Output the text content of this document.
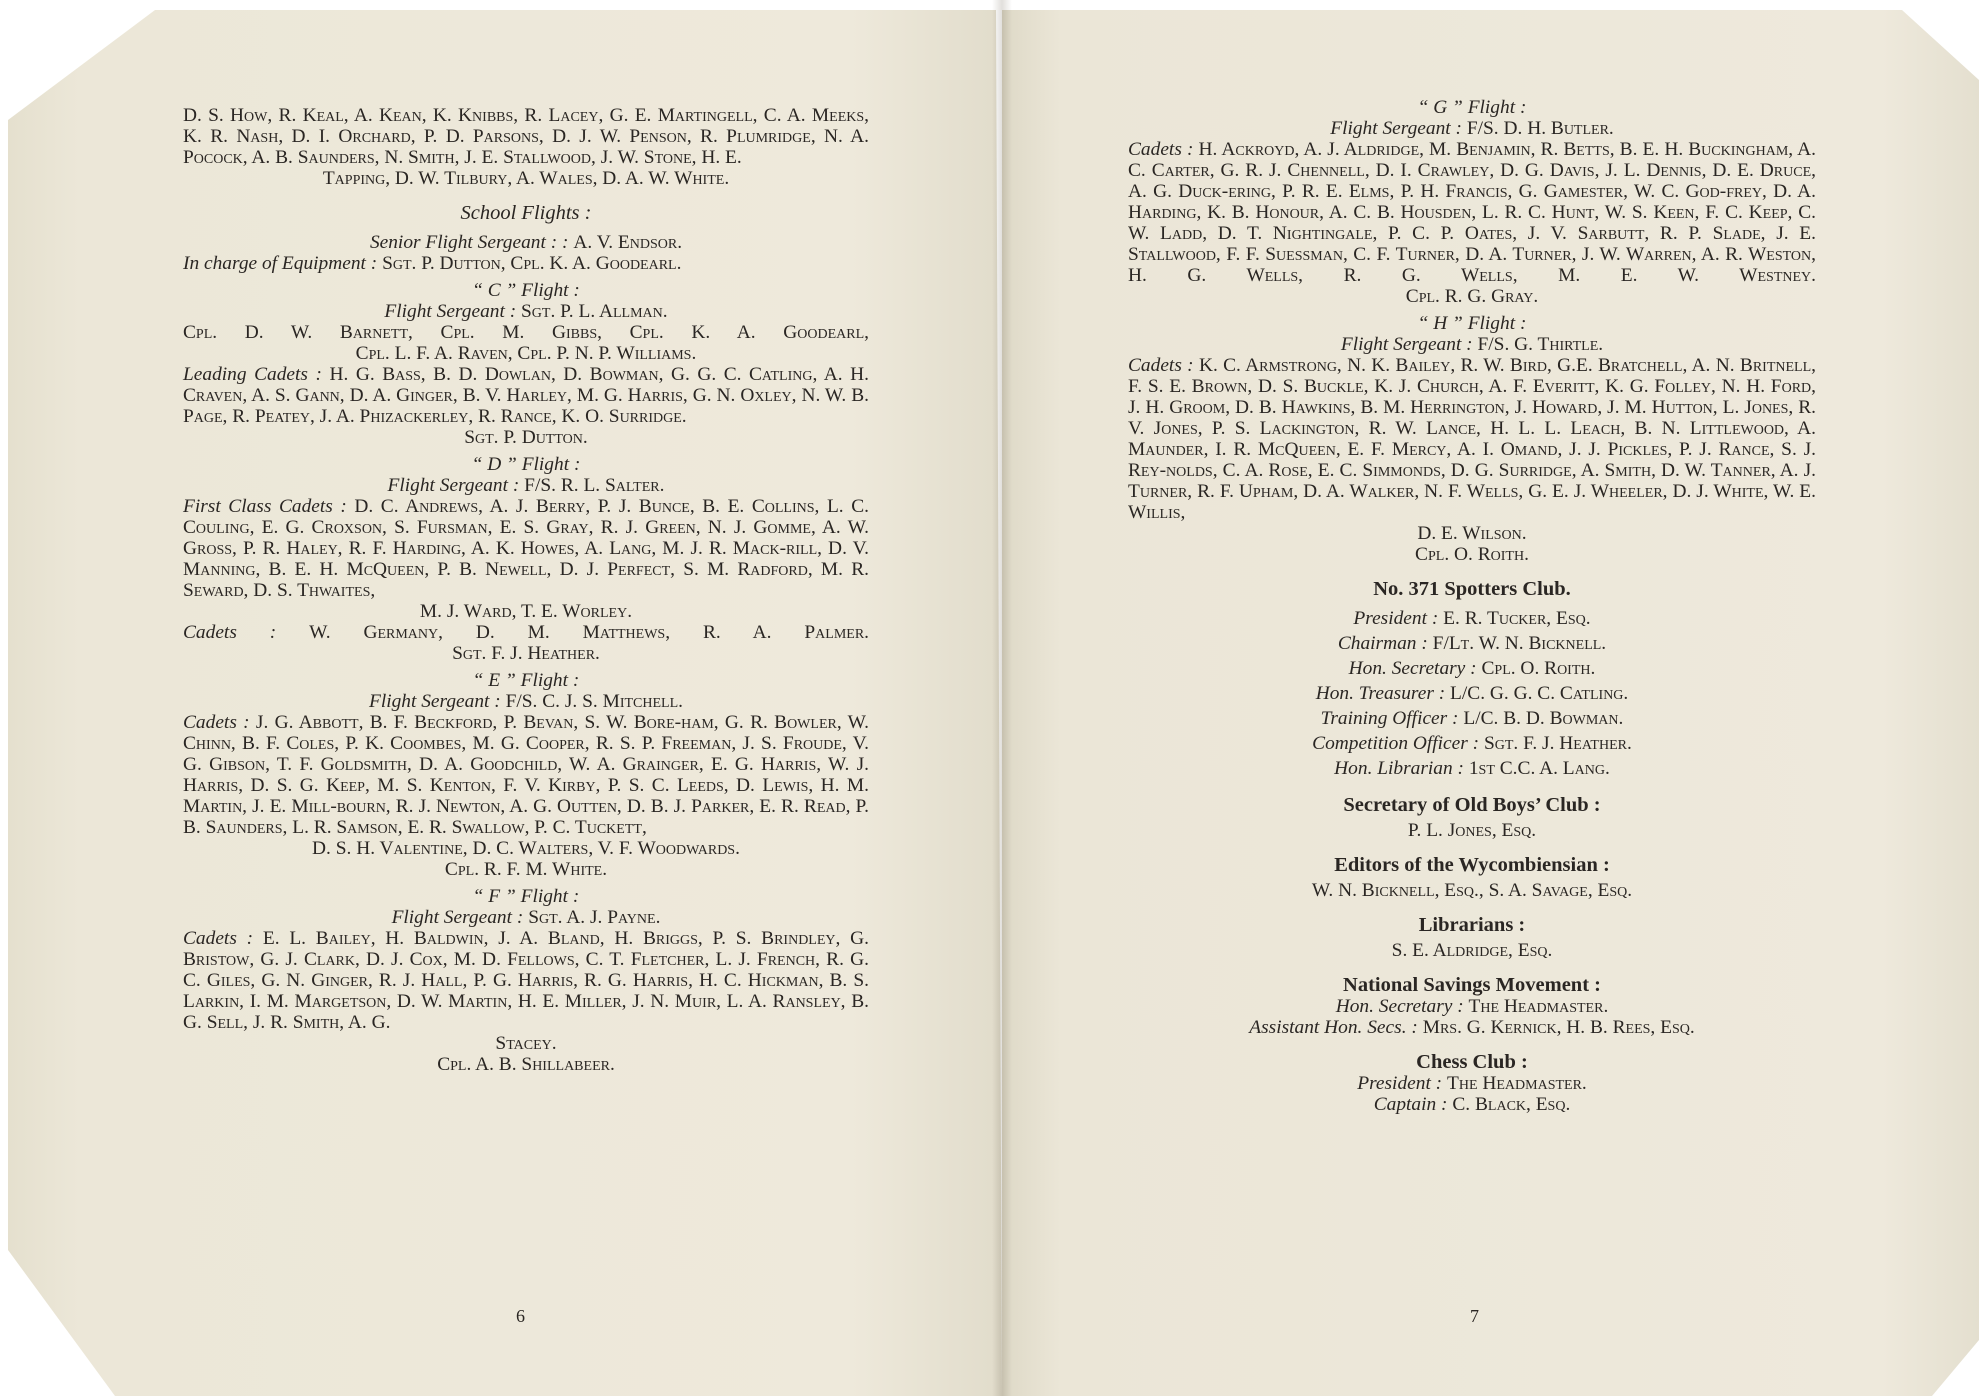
D. S. How, R. Keal, A. Kean, K. Knibbs, R. Lacey, G. E. Martingell, C. A. Meeks, K. R. Nash, D. I. Orchard, P. D. Parsons, D. J. W. Penson, R. Plumridge, N. A. Pocock, A. B. Saunders, N. Smith, J. E. Stallwood, J. W. Stone, H. E.

Tapping, D. W. Tilbury, A. Wales, D. A. W. White.

School Flights :

Senior Flight Sergeant : : A. V. Endsor.

In charge of Equipment : Sgt. P. Dutton, Cpl. K. A. Goodearl.

“ C ” Flight :

Flight Sergeant : Sgt. P. L. Allman.

Cpl. D. W. Barnett, Cpl. M. Gibbs, Cpl. K. A. Goodearl,

Cpl. L. F. A. Raven, Cpl. P. N. P. Williams.

Leading Cadets : H. G. Bass, B. D. Dowlan, D. Bowman, G. G. C. Catling, A. H. Craven, A. S. Gann, D. A. Ginger, B. V. Harley, M. G. Harris, G. N. Oxley, N. W. B. Page, R. Peatey, J. A. Phizackerley, R. Rance, K. O. Surridge.

Sgt. P. Dutton.

“ D ” Flight :

Flight Sergeant : F/S. R. L. Salter.

First Class Cadets : D. C. Andrews, A. J. Berry, P. J. Bunce, B. E. Collins, L. C. Couling, E. G. Croxson, S. Fursman, E. S. Gray, R. J. Green, N. J. Gomme, A. W. Gross, P. R. Haley, R. F. Harding, A. K. Howes, A. Lang, M. J. R. Mack-rill, D. V. Manning, B. E. H. McQueen, P. B. Newell, D. J. Perfect, S. M. Radford, M. R. Seward, D. S. Thwaites,

M. J. Ward, T. E. Worley.

Cadets : W. Germany, D. M. Matthews, R. A. Palmer.

Sgt. F. J. Heather.

“ E ” Flight :

Flight Sergeant : F/S. C. J. S. Mitchell.

Cadets : J. G. Abbott, B. F. Beckford, P. Bevan, S. W. Bore-ham, G. R. Bowler, W. Chinn, B. F. Coles, P. K. Coombes, M. G. Cooper, R. S. P. Freeman, J. S. Froude, V. G. Gibson, T. F. Goldsmith, D. A. Goodchild, W. A. Grainger, E. G. Harris, W. J. Harris, D. S. G. Keep, M. S. Kenton, F. V. Kirby, P. S. C. Leeds, D. Lewis, H. M. Martin, J. E. Mill-bourn, R. J. Newton, A. G. Outten, D. B. J. Parker, E. R. Read, P. B. Saunders, L. R. Samson, E. R. Swallow, P. C. Tuckett,

D. S. H. Valentine, D. C. Walters, V. F. Woodwards.

Cpl. R. F. M. White.

“ F ” Flight :

Flight Sergeant : Sgt. A. J. Payne.

Cadets : E. L. Bailey, H. Baldwin, J. A. Bland, H. Briggs, P. S. Brindley, G. Bristow, G. J. Clark, D. J. Cox, M. D. Fellows, C. T. Fletcher, L. J. French, R. G. C. Giles, G. N. Ginger, R. J. Hall, P. G. Harris, R. G. Harris, H. C. Hickman, B. S. Larkin, I. M. Margetson, D. W. Martin, H. E. Miller, J. N. Muir, L. A. Ransley, B. G. Sell, J. R. Smith, A. G.

Stacey.

Cpl. A. B. Shillabeer.

6

“ G ” Flight :

Flight Sergeant : F/S. D. H. Butler.

Cadets : H. Ackroyd, A. J. Aldridge, M. Benjamin, R. Betts, B. E. H. Buckingham, A. C. Carter, G. R. J. Chennell, D. I. Crawley, D. G. Davis, J. L. Dennis, D. E. Druce, A. G. Duck-ering, P. R. E. Elms, P. H. Francis, G. Gamester, W. C. God-frey, D. A. Harding, K. B. Honour, A. C. B. Housden, L. R. C. Hunt, W. S. Keen, F. C. Keep, C. W. Ladd, D. T. Nightingale, P. C. P. Oates, J. V. Sarbutt, R. P. Slade, J. E. Stallwood, F. F. Suessman, C. F. Turner, D. A. Turner, J. W. Warren, A. R. Weston, H. G. Wells, R. G. Wells, M. E. W. Westney.

Cpl. R. G. Gray.

“ H ” Flight :

Flight Sergeant : F/S. G. Thirtle.

Cadets : K. C. Armstrong, N. K. Bailey, R. W. Bird, G.E. Bratchell, A. N. Britnell, F. S. E. Brown, D. S. Buckle, K. J. Church, A. F. Everitt, K. G. Folley, N. H. Ford, J. H. Groom, D. B. Hawkins, B. M. Herrington, J. Howard, J. M. Hutton, L. Jones, R. V. Jones, P. S. Lackington, R. W. Lance, H. L. L. Leach, B. N. Littlewood, A. Maunder, I. R. McQueen, E. F. Mercy, A. I. Omand, J. J. Pickles, P. J. Rance, S. J. Rey-nolds, C. A. Rose, E. C. Simmonds, D. G. Surridge, A. Smith, D. W. Tanner, A. J. Turner, R. F. Upham, D. A. Walker, N. F. Wells, G. E. J. Wheeler, D. J. White, W. E. Willis,

D. E. Wilson.

Cpl. O. Roith.

No. 371 Spotters Club.

President : E. R. Tucker, Esq.

Chairman : F/Lt. W. N. Bicknell.

Hon. Secretary : Cpl. O. Roith.

Hon. Treasurer : L/C. G. G. C. Catling.

Training Officer : L/C. B. D. Bowman.

Competition Officer : Sgt. F. J. Heather.

Hon. Librarian : 1st C.C. A. Lang.

Secretary of Old Boys’ Club :

P. L. Jones, Esq.

Editors of the Wycombiensian :

W. N. Bicknell, Esq., S. A. Savage, Esq.

Librarians :

S. E. Aldridge, Esq.

National Savings Movement :

Hon. Secretary : The Headmaster.

Assistant Hon. Secs. : Mrs. G. Kernick, H. B. Rees, Esq.

Chess Club :

President : The Headmaster.

Captain : C. Black, Esq.

7
